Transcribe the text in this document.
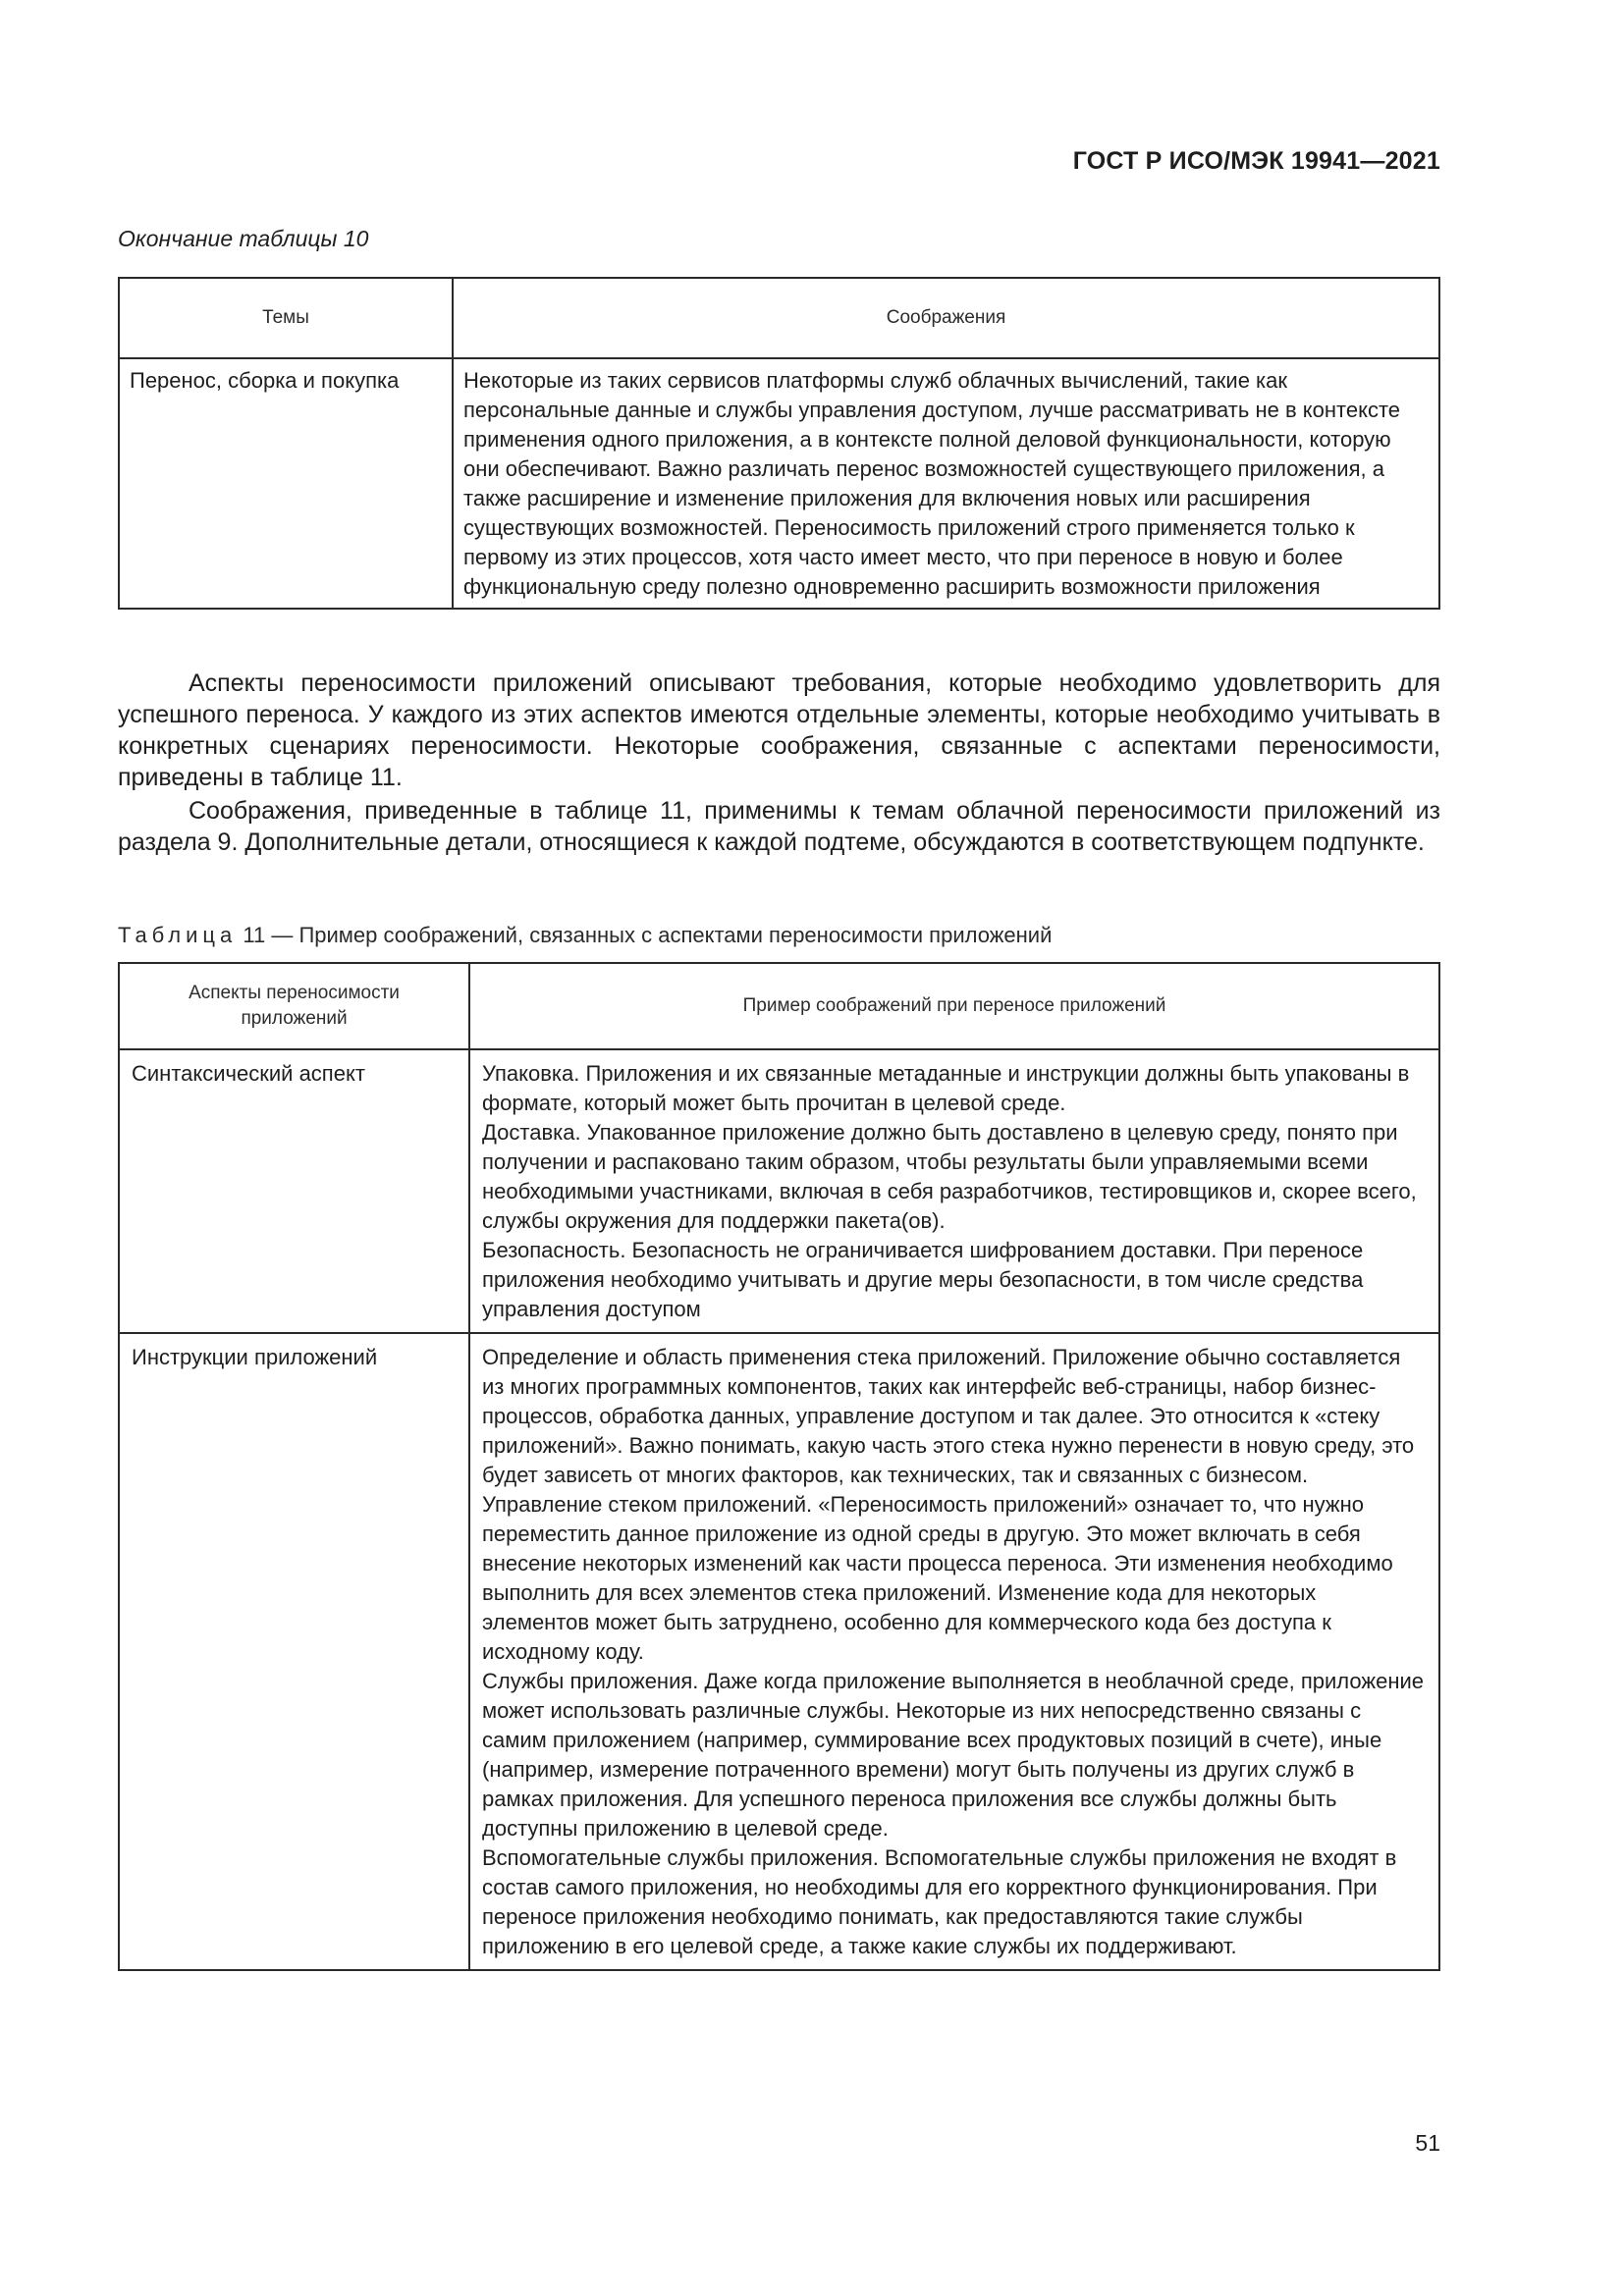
ГОСТ Р ИСО/МЭК 19941—2021
Окончание таблицы 10
Темы	Соображения
Перенос, сборка и покупка	Некоторые из таких сервисов платформы служб облачных вычислений, такие как персональные данные и службы управления доступом, лучше рассматривать не в контексте применения одного приложения, а в контексте полной деловой функциональности, которую они обеспечивают. Важно различать перенос возможностей существующего приложения, а также расширение и изменение приложения для включения новых или расширения существующих возможностей. Переносимость приложений строго применяется только к первому из этих процессов, хотя часто имеет место, что при переносе в новую и более функциональную среду полезно одновременно расширить возможности приложения

Аспекты переносимости приложений описывают требования, которые необходимо удовлетворить для успешного переноса. У каждого из этих аспектов имеются отдельные элементы, которые необходимо учитывать в конкретных сценариях переносимости. Некоторые соображения, связанные с аспектами переносимости, приведены в таблице 11.

Соображения, приведенные в таблице 11, применимы к темам облачной переносимости приложений из раздела 9. Дополнительные детали, относящиеся к каждой подтеме, обсуждаются в соответствующем подпункте.

Таблица 11 — Пример соображений, связанных с аспектами переносимости приложений
Аспекты переносимости
приложений	Пример соображений при переносе приложений
Синтаксический аспект	Упаковка. Приложения и их связанные метаданные и инструкции должны быть упакованы в формате, который может быть прочитан в целевой среде.
Доставка. Упакованное приложение должно быть доставлено в целевую среду, понято при получении и распаковано таким образом, чтобы результаты были управляемыми всеми необходимыми участниками, включая в себя разработчиков, тестировщиков и, скорее всего, службы окружения для поддержки пакета(ов).
Безопасность. Безопасность не ограничивается шифрованием доставки. При переносе приложения необходимо учитывать и другие меры безопасности, в том числе средства управления доступом

Инструкции приложений	Определение и область применения стека приложений. Приложение обычно составляется из многих программных компонентов, таких как интерфейс веб-страницы, набор бизнес-процессов, обработка данных, управление доступом и так далее. Это относится к «стеку приложений». Важно понимать, какую часть этого стека нужно перенести в новую среду, это будет зависеть от многих факторов, как технических, так и связанных с бизнесом.
Управление стеком приложений. «Переносимость приложений» означает то, что нужно переместить данное приложение из одной среды в другую. Это может включать в себя внесение некоторых изменений как части процесса переноса. Эти изменения необходимо выполнить для всех элементов стека приложений. Изменение кода для некоторых элементов может быть затруднено, особенно для коммерческого кода без доступа к исходному коду.
Службы приложения. Даже когда приложение выполняется в необлачной среде, приложение может использовать различные службы. Некоторые из них непосредственно связаны с самим приложением (например, суммирование всех продуктовых позиций в счете), иные (например, измерение потраченного времени) могут быть получены из других служб в рамках приложения. Для успешного переноса приложения все службы должны быть доступны приложению в целевой среде.
Вспомогательные службы приложения. Вспомогательные службы приложения не входят в состав самого приложения, но необходимы для его корректного функционирования. При переносе приложения необходимо понимать, как предоставляются такие службы приложению в его целевой среде, а также какие службы их поддерживают.
51
